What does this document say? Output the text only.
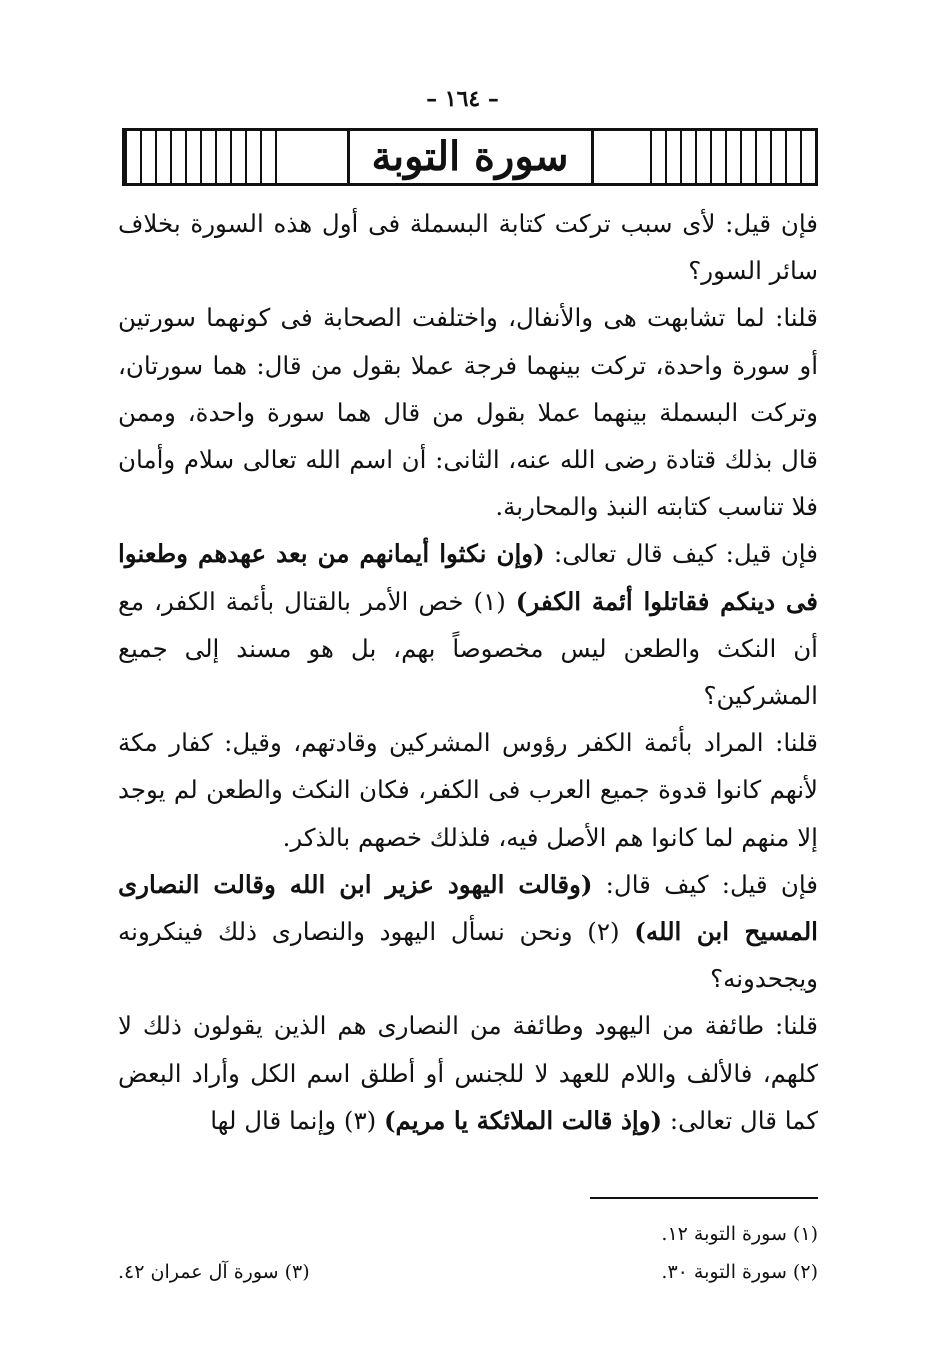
– ١٦٤ –
سورة التوبة

فإن قيل: لأى سبب تركت كتابة البسملة فى أول هذه السورة بخلاف سائر السور؟

قلنا: لما تشابهت هى والأنفال، واختلفت الصحابة فى كونهما سورتين أو سورة واحدة، تركت بينهما فرجة عملا بقول من قال: هما سورتان، وتركت البسملة بينهما عملا بقول من قال هما سورة واحدة، وممن قال بذلك قتادة رضى الله عنه، الثانى: أن اسم الله تعالى سلام وأمان فلا تناسب كتابته النبذ والمحاربة.

فإن قيل: كيف قال تعالى: (وإن نكثوا أيمانهم من بعد عهدهم وطعنوا فى دينكم فقاتلوا أئمة الكفر) (١) خص الأمر بالقتال بأئمة الكفر، مع أن النكث والطعن ليس مخصوصاً بهم، بل هو مسند إلى جميع المشركين؟

قلنا: المراد بأئمة الكفر رؤوس المشركين وقادتهم، وقيل: كفار مكة لأنهم كانوا قدوة جميع العرب فى الكفر، فكان النكث والطعن لم يوجد إلا منهم لما كانوا هم الأصل فيه، فلذلك خصهم بالذكر.

فإن قيل: كيف قال: (وقالت اليهود عزير ابن الله وقالت النصارى المسيح ابن الله) (٢) ونحن نسأل اليهود والنصارى ذلك فينكرونه ويجحدونه؟

قلنا: طائفة من اليهود وطائفة من النصارى هم الذين يقولون ذلك لا كلهم، فالألف واللام للعهد لا للجنس أو أطلق اسم الكل وأراد البعض كما قال تعالى: (وإذ قالت الملائكة يا مريم) (٣) وإنما قال لها

(١) سورة التوبة ١٢.
(٢) سورة التوبة ٣٠.
(٣) سورة آل عمران ٤٢.
